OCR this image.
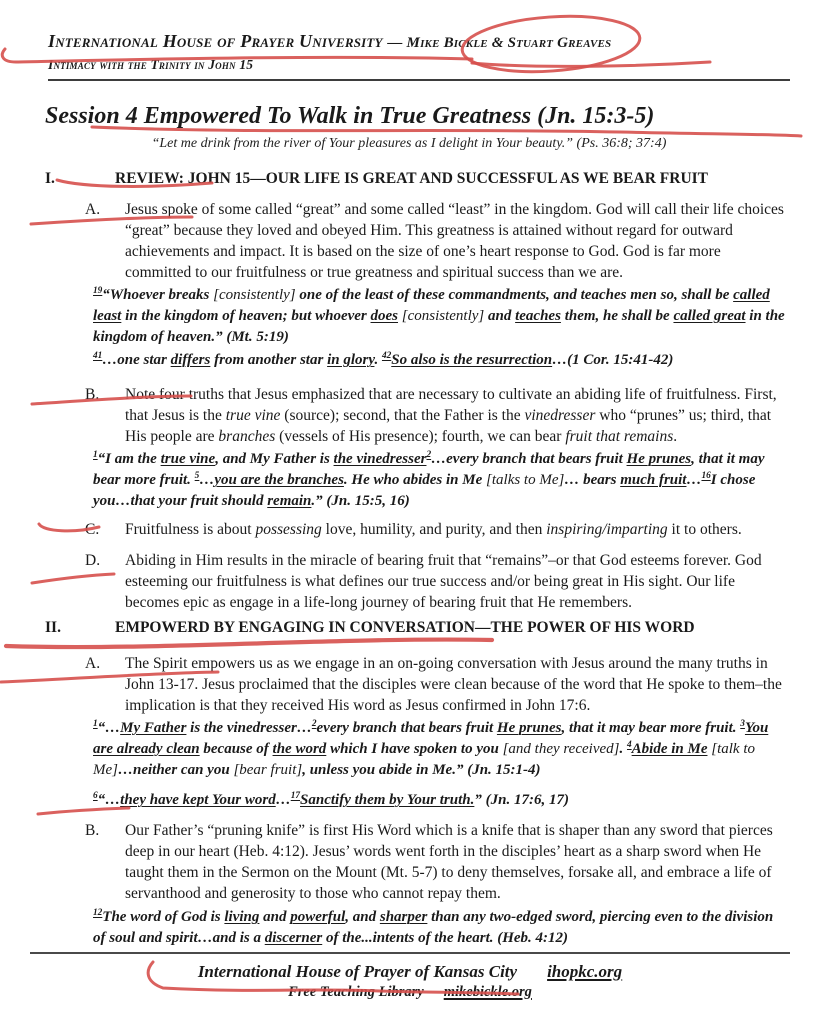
International House of Prayer University — Mike Bickle & Stuart Greaves
Intimacy with the Trinity in John 15
Session 4 Empowered To Walk in True Greatness (Jn. 15:3-5)
“Let me drink from the river of Your pleasures as I delight in Your beauty.” (Ps. 36:8; 37:4)
I.	REVIEW: JOHN 15—OUR LIFE IS GREAT AND SUCCESSFUL AS WE BEAR FRUIT
A.	Jesus spoke of some called “great” and some called “least” in the kingdom. God will call their life choices “great” because they loved and obeyed Him. This greatness is attained without regard for outward achievements and impact. It is based on the size of one’s heart response to God. God is far more committed to our fruitfulness or true greatness and spiritual success than we are.

$^{19}$“Whoever breaks [consistently] one of the least of these commandments, and teaches men so, shall be called least in the kingdom of heaven; but whoever does [consistently] and teaches them, he shall be called great in the kingdom of heaven.” (Mt. 5:19)

$^{41}$…one star differs from another star in glory. $^{42}$So also is the resurrection…(1 Cor. 15:41-42)

B.	Note four truths that Jesus emphasized that are necessary to cultivate an abiding life of fruitfulness. First, that Jesus is the true vine (source); second, that the Father is the vinedresser who “prunes” us; third, that His people are branches (vessels of His presence); fourth, we can bear fruit that remains.

$^1$“I am the true vine, and My Father is the vinedresser$^2$…every branch that bears fruit He prunes, that it may bear more fruit. $^5$…you are the branches. He who abides in Me [talks to Me]… bears much fruit…$^{16}$I chose you…that your fruit should remain.” (Jn. 15:5, 16)

C.	Fruitfulness is about possessing love, humility, and purity, and then inspiring/imparting it to others.

D.	Abiding in Him results in the miracle of bearing fruit that “remains”–or that God esteems forever. God esteeming our fruitfulness is what defines our true success and/or being great in His sight. Our life becomes epic as engage in a life-long journey of bearing fruit that He remembers.

II.	EMPOWERD BY ENGAGING IN CONVERSATION—THE POWER OF HIS WORD
A.	The Spirit empowers us as we engage in an on-going conversation with Jesus around the many truths in John 13-17. Jesus proclaimed that the disciples were clean because of the word that He spoke to them–the implication is that they received His word as Jesus confirmed in John 17:6.

$^1$“…My Father is the vinedresser…$^2$every branch that bears fruit He prunes, that it may bear more fruit. $^3$You are already clean because of the word which I have spoken to you [and they received]. $^4$Abide in Me [talk to Me]…neither can you [bear fruit], unless you abide in Me.” (Jn. 15:1-4)

$^6$“…they have kept Your word…$^{17}$Sanctify them by Your truth.” (Jn. 17:6, 17)

B.	Our Father’s “pruning knife” is first His Word which is a knife that is shaper than any sword that pierces deep in our heart (Heb. 4:12). Jesus’ words went forth in the disciples’ heart as a sharp sword when He taught them in the Sermon on the Mount (Mt. 5-7) to deny themselves, forsake all, and embrace a life of servanthood and generosity to those who cannot repay them.

$^{12}$The word of God is living and powerful, and sharper than any two-edged sword, piercing even to the division of soul and spirit…and is a discerner of the...intents of the heart. (Heb. 4:12)

International House of Prayer of Kansas City ihopkc.org
Free Teaching Library mikebickle.org
